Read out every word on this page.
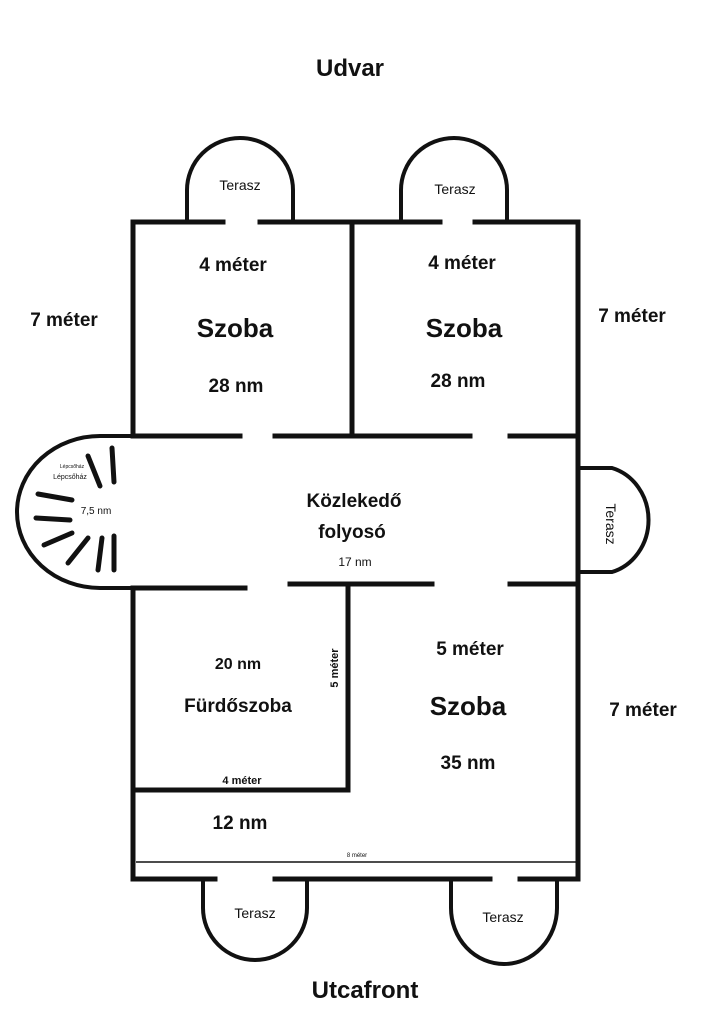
Udvar
Utcafront
Terasz	Terasz
Terasz
Terasz	Terasz
4 méter
Szoba
28 nm
7 méter
4 méter
Szoba
28 nm
7 méter
Közlekedő
folyosó
17 nm
Lépcsőház
Lépcsőház
7,5 nm
20 nm
Fürdőszoba
5 méter
4 méter
5 méter
Szoba
35 nm
7 méter
12 nm
8 méter
